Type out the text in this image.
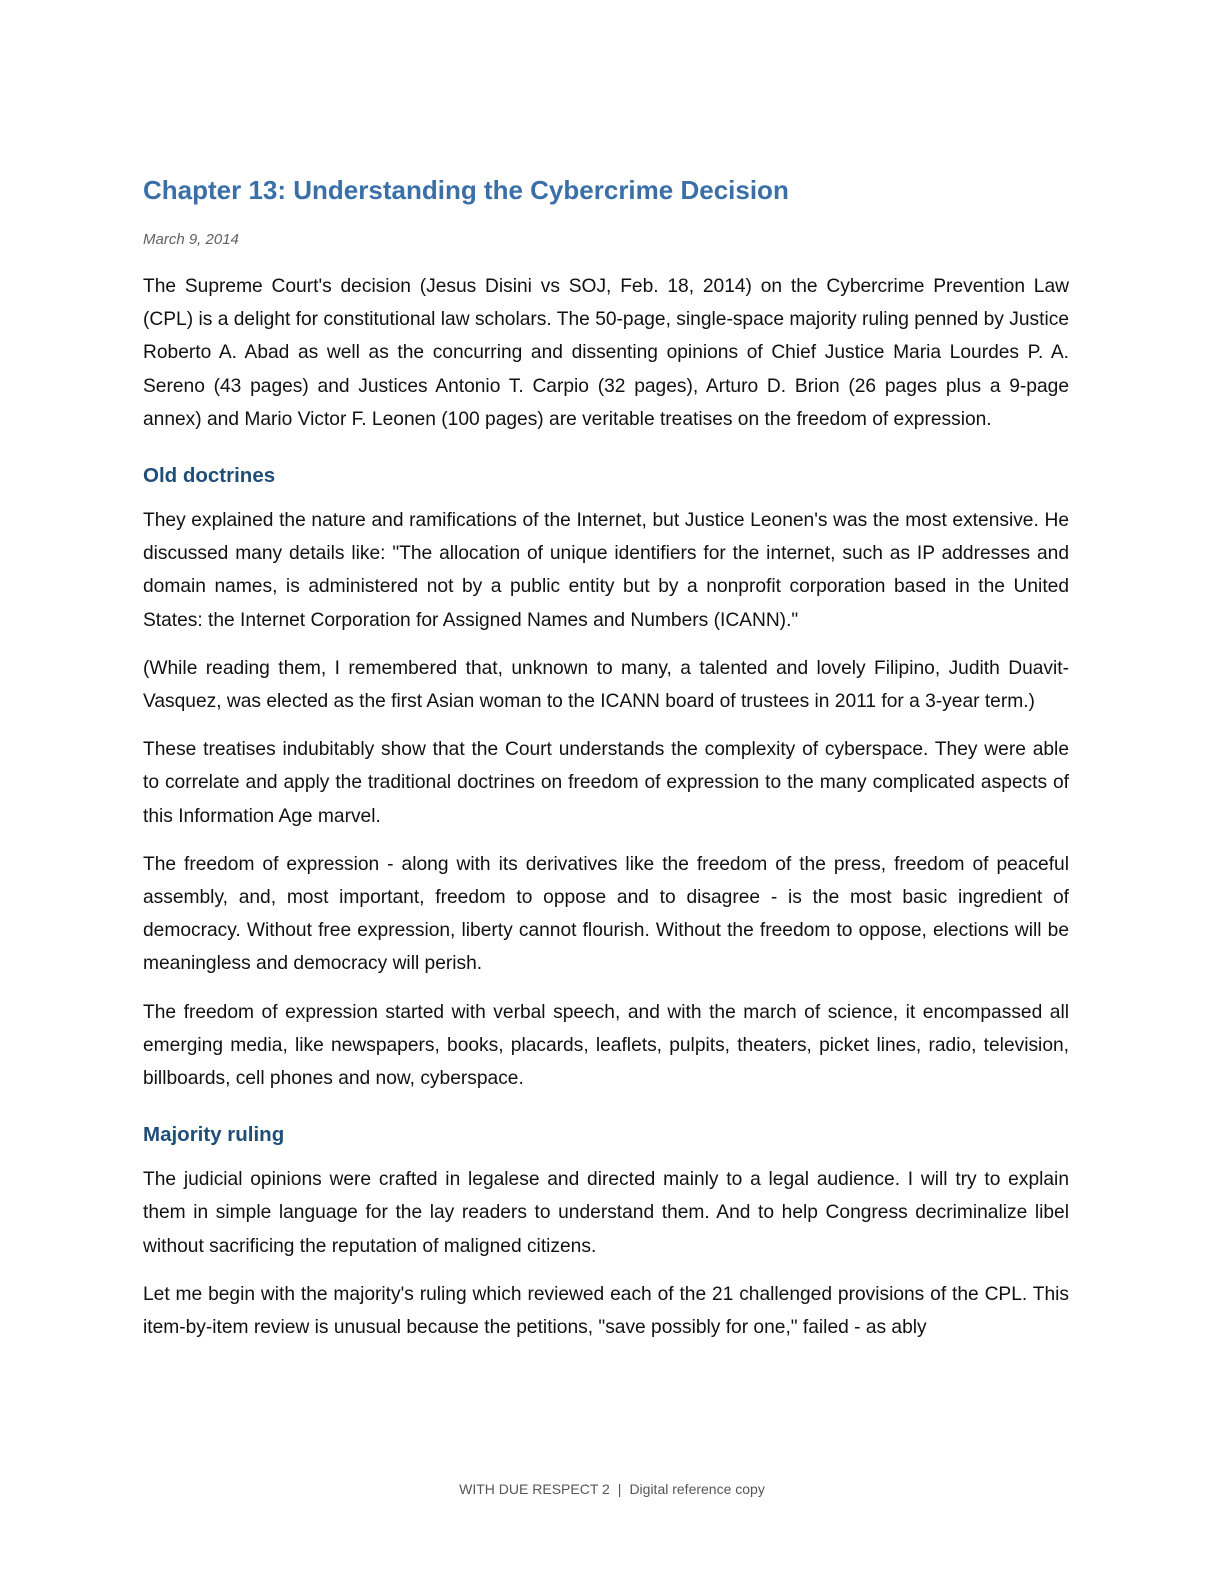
Chapter 13: Understanding the Cybercrime Decision
March 9, 2014

The Supreme Court's decision (Jesus Disini vs SOJ, Feb. 18, 2014) on the Cybercrime Prevention Law (CPL) is a delight for constitutional law scholars. The 50-page, single-space majority ruling penned by Justice Roberto A. Abad as well as the concurring and dissenting opinions of Chief Justice Maria Lourdes P. A. Sereno (43 pages) and Justices Antonio T. Carpio (32 pages), Arturo D. Brion (26 pages plus a 9-page annex) and Mario Victor F. Leonen (100 pages) are veritable treatises on the freedom of expression.

Old doctrines

They explained the nature and ramifications of the Internet, but Justice Leonen's was the most extensive. He discussed many details like: "The allocation of unique identifiers for the internet, such as IP addresses and domain names, is administered not by a public entity but by a nonprofit corporation based in the United States: the Internet Corporation for Assigned Names and Numbers (ICANN)."

(While reading them, I remembered that, unknown to many, a talented and lovely Filipino, Judith Duavit-Vasquez, was elected as the first Asian woman to the ICANN board of trustees in 2011 for a 3-year term.)

These treatises indubitably show that the Court understands the complexity of cyberspace. They were able to correlate and apply the traditional doctrines on freedom of expression to the many complicated aspects of this Information Age marvel.

The freedom of expression - along with its derivatives like the freedom of the press, freedom of peaceful assembly, and, most important, freedom to oppose and to disagree - is the most basic ingredient of democracy. Without free expression, liberty cannot flourish. Without the freedom to oppose, elections will be meaningless and democracy will perish.

The freedom of expression started with verbal speech, and with the march of science, it encompassed all emerging media, like newspapers, books, placards, leaflets, pulpits, theaters, picket lines, radio, television, billboards, cell phones and now, cyberspace.

Majority ruling

The judicial opinions were crafted in legalese and directed mainly to a legal audience. I will try to explain them in simple language for the lay readers to understand them. And to help Congress decriminalize libel without sacrificing the reputation of maligned citizens.

Let me begin with the majority's ruling which reviewed each of the 21 challenged provisions of the CPL. This item-by-item review is unusual because the petitions, "save possibly for one," failed - as ably

WITH DUE RESPECT 2 | Digital reference copy
